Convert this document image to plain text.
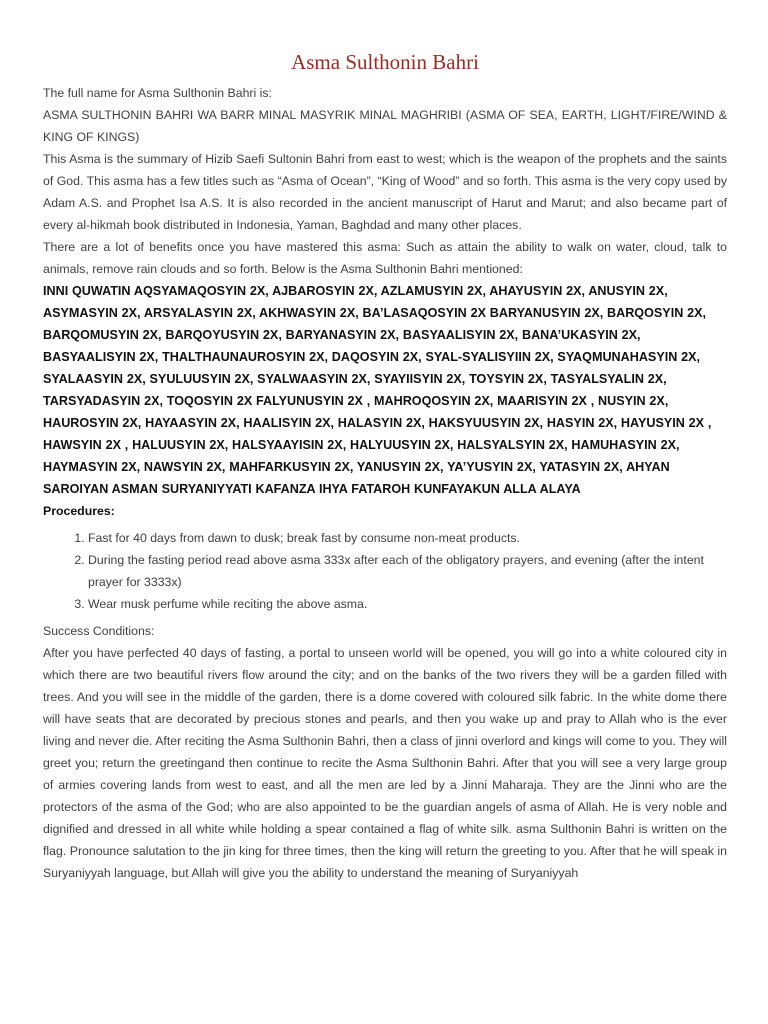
Asma Sulthonin Bahri

The full name for Asma Sulthonin Bahri is:

ASMA SULTHONIN BAHRI WA BARR MINAL MASYRIK MINAL MAGHRIBI (ASMA OF SEA, EARTH, LIGHT/FIRE/WIND & KING OF KINGS)

This Asma is the summary of Hizib Saefi Sultonin Bahri from east to west; which is the weapon of the prophets and the saints of God. This asma has a few titles such as “Asma of Ocean”, “King of Wood” and so forth. This asma is the very copy used by Adam A.S. and Prophet Isa A.S. It is also recorded in the ancient manuscript of Harut and Marut; and also became part of every al-hikmah book distributed in Indonesia, Yaman, Baghdad and many other places.

There are a lot of benefits once you have mastered this asma: Such as attain the ability to walk on water, cloud, talk to animals, remove rain clouds and so forth. Below is the Asma Sulthonin Bahri mentioned:

INNI QUWATIN AQSYAMAQOSYIN 2X, AJBAROSYIN 2X, AZLAMUSYIN 2X, AHAYUSYIN 2X, ANUSYIN 2X, ASYMASYIN 2X, ARSYALASYIN 2X, AKHWASYIN 2X, BA’LASAQOSYIN 2X BARYANUSYIN 2X, BARQOSYIN 2X, BARQOMUSYIN 2X, BARQOYUSYIN 2X, BARYANASYIN 2X, BASYAALISYIN 2X, BANA’UKASYIN 2X, BASYAALISYIN 2X, THALTHAUNAUROSYIN 2X, DAQOSYIN 2X, SYAL-SYALISYIIN 2X, SYAQMUNAHASYIN 2X, SYALAASYIN 2X, SYULUUSYIN 2X, SYALWAASYIN 2X, SYAYIISYIN 2X, TOYSYIN 2X, TASYALSYALIN 2X, TARSYADASYIN 2X, TOQOSYIN 2X FALYUNUSYIN 2X , MAHROQOSYIN 2X, MAARISYIN 2X , NUSYIN 2X, HAUROSYIN 2X, HAYAASYIN 2X, HAALISYIN 2X, HALASYIN 2X, HAKSYUUSYIN 2X, HASYIN 2X, HAYUSYIN 2X , HAWSYIN 2X , HALUUSYIN 2X, HALSYAAYISIN 2X, HALYUUSYIN 2X, HALSYALSYIN 2X, HAMUHASYIN 2X, HAYMASYIN 2X, NAWSYIN 2X, MAHFARKUSYIN 2X, YANUSYIN 2X, YA’YUSYIN 2X, YATASYIN 2X, AHYAN SAROIYAN ASMAN SURYANIYYATI KAFANZA IHYA FATAROH KUNFAYAKUN ALLA ALAYA

Procedures:

1. Fast for 40 days from dawn to dusk; break fast by consume non-meat products.
2. During the fasting period read above asma 333x after each of the obligatory prayers, and evening (after the intent prayer for 3333x)
3. Wear musk perfume while reciting the above asma.

Success Conditions:

After you have perfected 40 days of fasting, a portal to unseen world will be opened, you will go into a white coloured city in which there are two beautiful rivers flow around the city; and on the banks of the two rivers they will be a garden filled with trees. And you will see in the middle of the garden, there is a dome covered with coloured silk fabric. In the white dome there will have seats that are decorated by precious stones and pearls, and then you wake up and pray to Allah who is the ever living and never die. After reciting the Asma Sulthonin Bahri, then a class of jinni overlord and kings will come to you. They will greet you; return the greetingand then continue to recite the Asma Sulthonin Bahri. After that you will see a very large group of armies covering lands from west to east, and all the men are led by a Jinni Maharaja. They are the Jinni who are the protectors of the asma of the God; who are also appointed to be the guardian angels of asma of Allah. He is very noble and dignified and dressed in all white while holding a spear contained a flag of white silk. asma Sulthonin Bahri is written on the flag. Pronounce salutation to the jin king for three times, then the king will return the greeting to you. After that he will speak in Suryaniyyah language, but Allah will give you the ability to understand the meaning of Suryaniyyah
